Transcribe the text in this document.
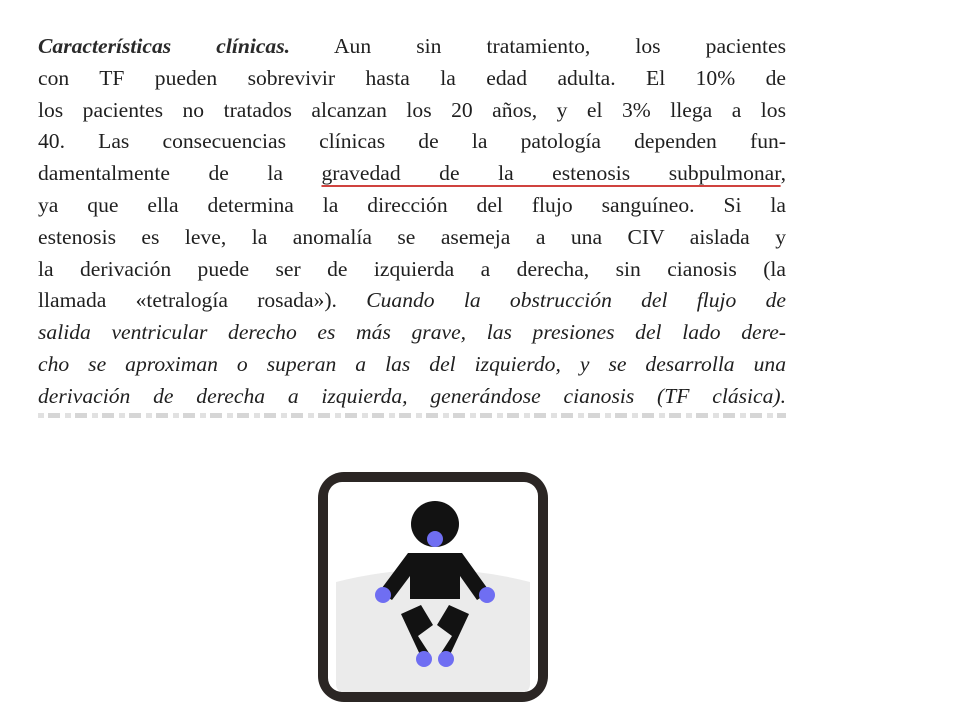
Características clínicas. Aun sin tratamiento, los pacientes
con TF pueden sobrevivir hasta la edad adulta. El 10% de
los pacientes no tratados alcanzan los 20 años, y el 3% llega a los
40. Las consecuencias clínicas de la patología dependen fun-
damentalmente de la gravedad de la estenosis subpulmonar,
ya que ella determina la dirección del flujo sanguíneo. Si la
estenosis es leve, la anomalía se asemeja a una CIV aislada y
la derivación puede ser de izquierda a derecha, sin cianosis (la
llamada «tetralogía rosada»). Cuando la obstrucción del flujo de
salida ventricular derecho es más grave, las presiones del lado dere-
cho se aproximan o superan a las del izquierdo, y se desarrolla una
derivación de derecha a izquierda, generándose cianosis (TF clásica).
